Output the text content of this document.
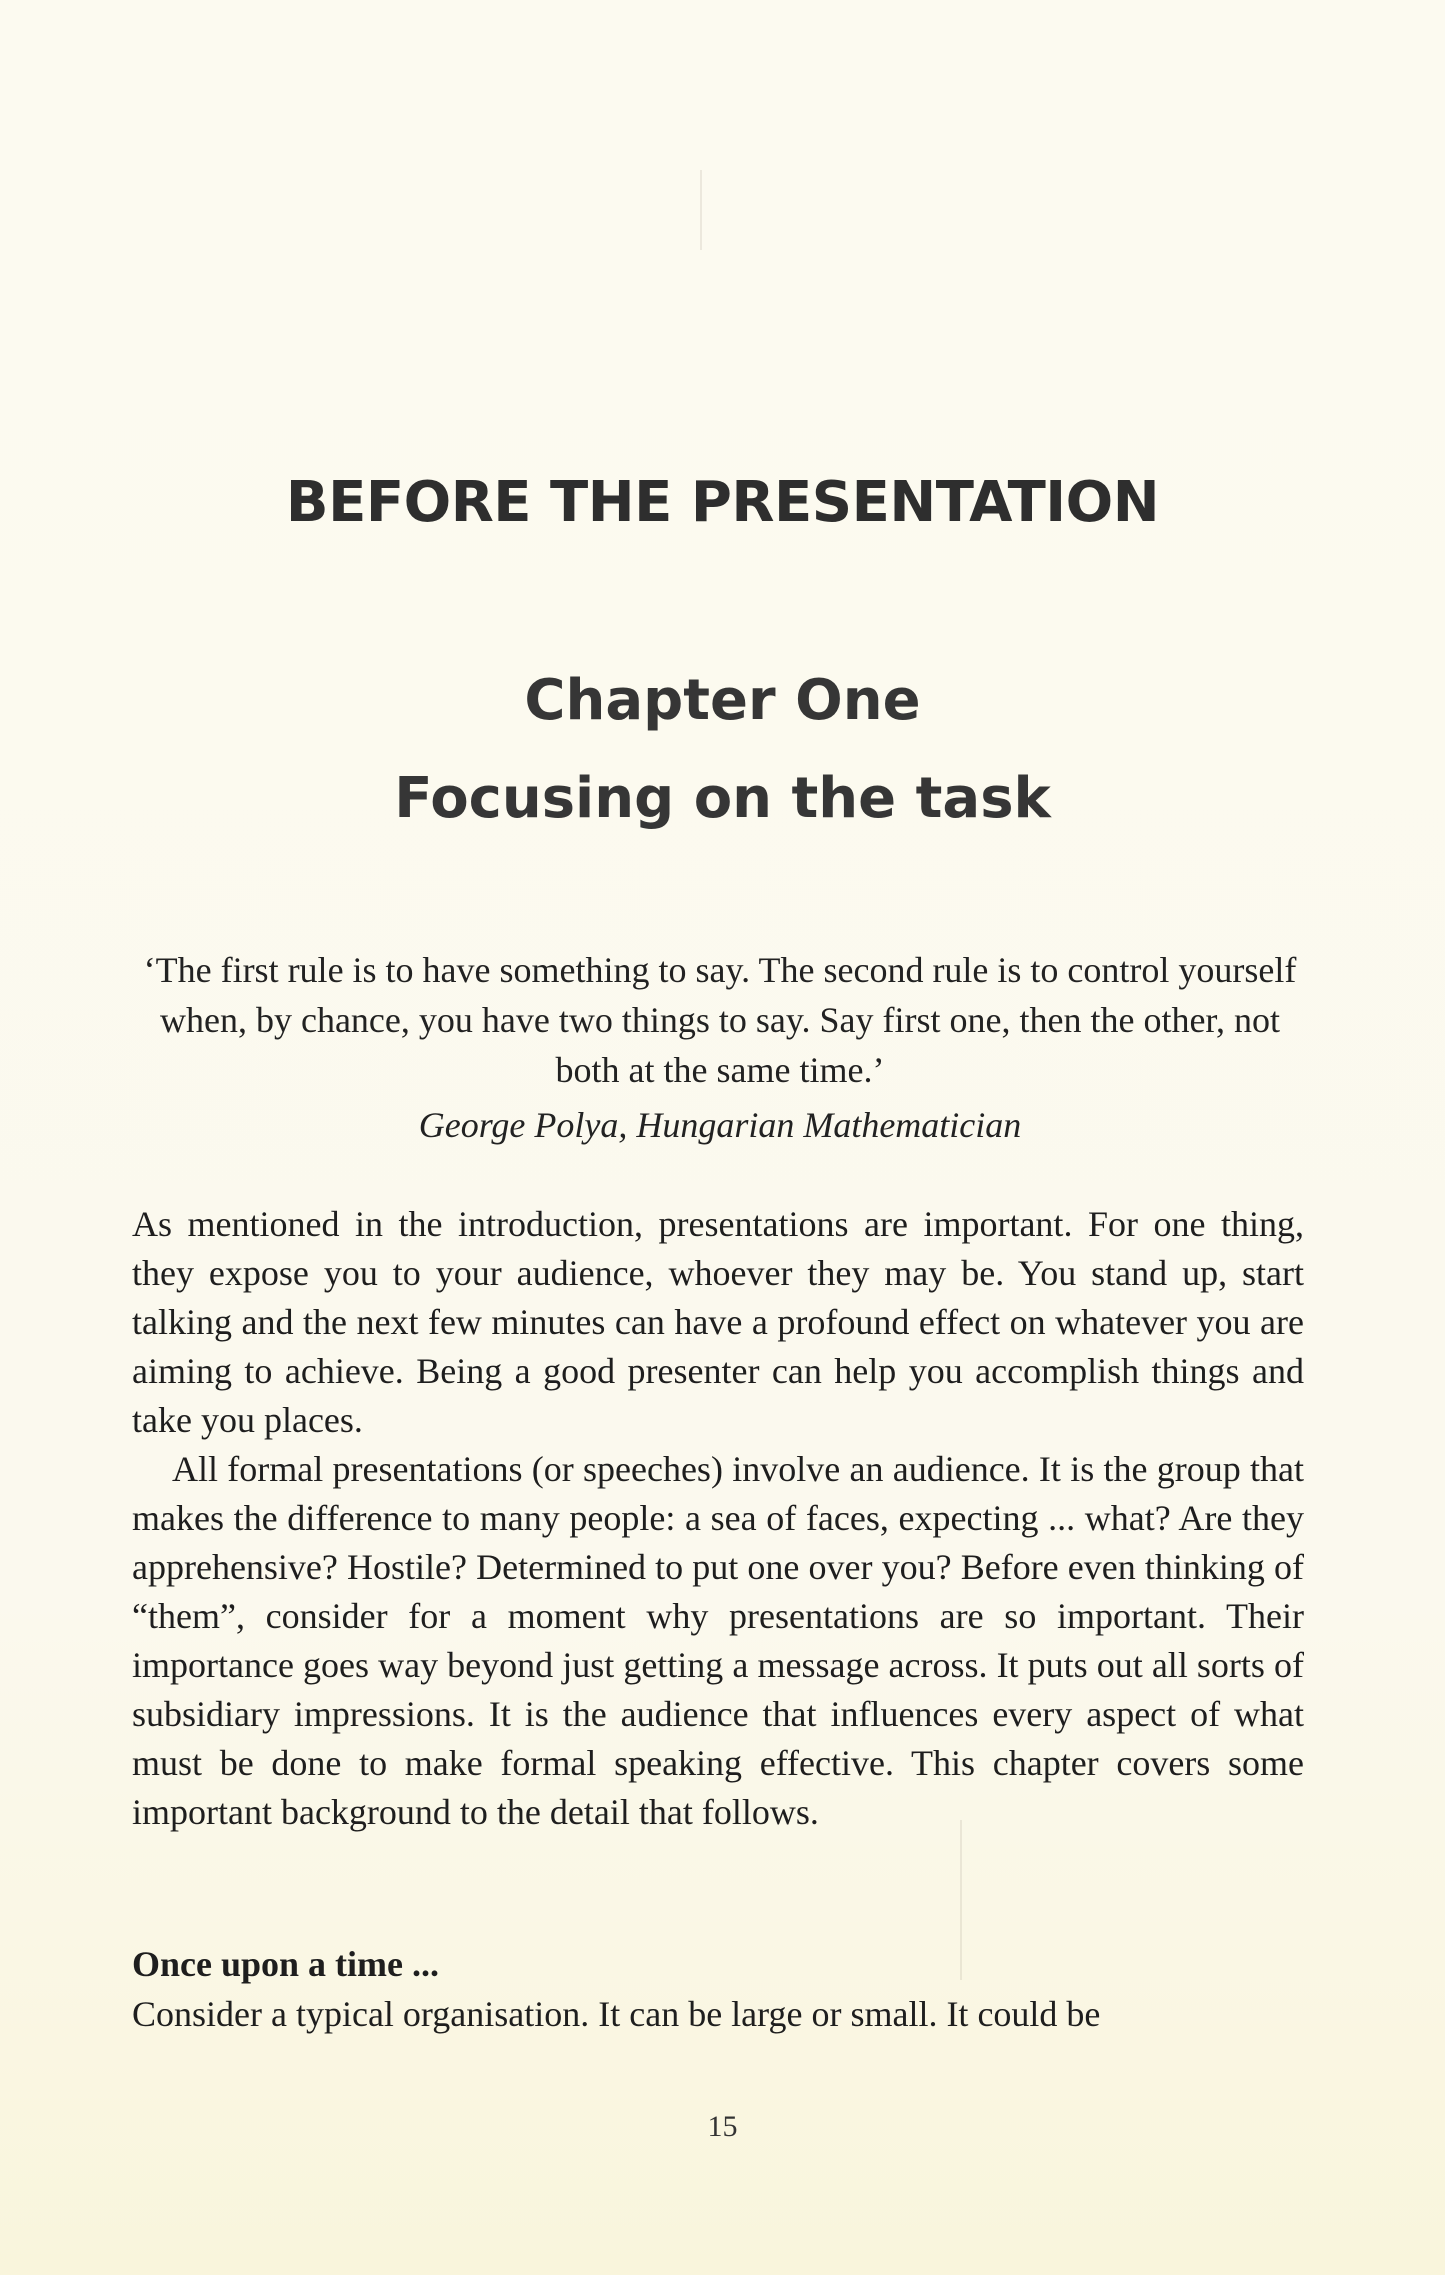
BEFORE THE PRESENTATION
Chapter One
Focusing on the task

‘The first rule is to have something to say. The second rule is to control yourself when, by chance, you have two things to say. Say first one, then the other, not both at the same time.’

George Polya, Hungarian Mathematician

As mentioned in the introduction, presentations are important. For one thing, they expose you to your audience, whoever they may be. You stand up, start talking and the next few minutes can have a profound effect on whatever you are aiming to achieve. Being a good presenter can help you accomplish things and take you places.

All formal presentations (or speeches) involve an audience. It is the group that makes the difference to many people: a sea of faces, expecting ... what? Are they apprehensive? Hostile? Determined to put one over you? Before even thinking of “them”, consider for a moment why presentations are so important. Their importance goes way beyond just getting a message across. It puts out all sorts of subsidiary impressions. It is the audience that influences every aspect of what must be done to make formal speaking effective. This chapter covers some important background to the detail that follows.

Once upon a time ...

Consider a typical organisation. It can be large or small. It could be

15
